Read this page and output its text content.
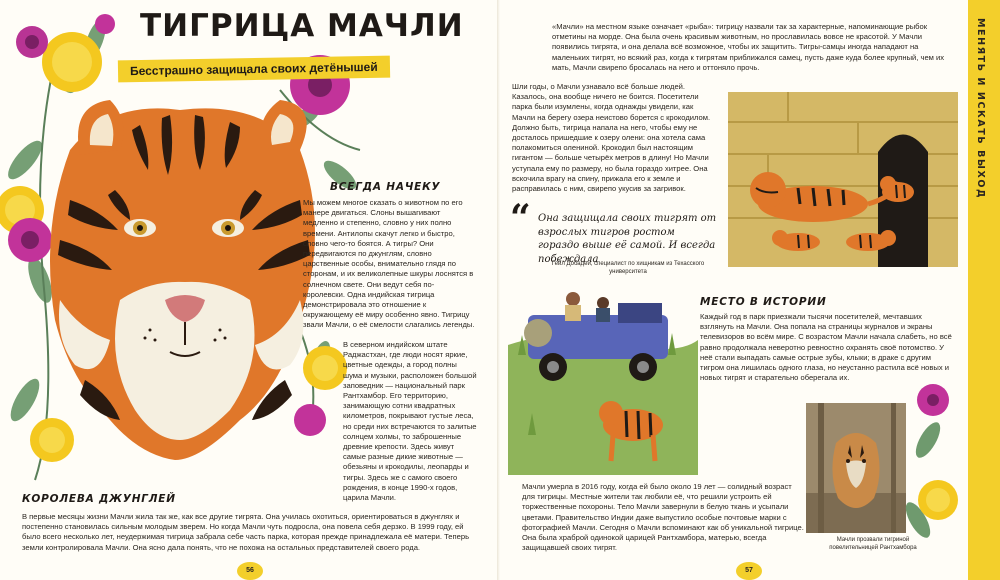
ТИГРИЦА МАЧЛИ
Бесстрашно защищала своих детёнышей
ВСЕГДА НАЧЕКУ
Мы можем многое сказать о животном по его манере двигаться. Слоны вышагивают медленно и степенно, словно у них полно времени. Антилопы скачут легко и быстро, словно чего-то боятся. А тигры? Они передвигаются по джунглям, словно царственные особы, внимательно глядя по сторонам, и их великолепные шкуры лоснятся в солнечном свете. Они ведут себя по-королевски. Одна индийская тигрица демонстрировала это отношение к окружающему её миру особенно явно. Тигрицу звали Мачли, о её смелости слагались легенды.
В северном индийском штате Раджастхан, где люди носят яркие, цветные одежды, а город полны шума и музыки, расположен большой заповедник — национальный парк Рантхамбор. Его территорию, занимающую сотни квадратных километров, покрывают густые леса, но среди них встречаются то залитые солнцем холмы, то заброшенные древние крепости. Здесь живут самые разные дикие животные — обезьяны и крокодилы, леопарды и тигры. Здесь же с самого своего рождения, в конце 1990-х годов, царила Мачли.
КОРОЛЕВА ДЖУНГЛЕЙ
В первые месяцы жизни Мачли жила так же, как все другие тигрята. Она училась охотиться, ориентироваться в джунглях и постепенно становилась сильным молодым зверем. Но когда Мачли чуть подросла, она повела себя дерзко. В 1999 году, ей было всего несколько лет, неудержимая тигрица забрала себе часть парка, которая прежде принадлежала её матери. Теперь земли контролировала Мачли. Она ясно дала понять, что не похожа на остальных представителей своего рода.
56
«Мачли» на местном языке означает «рыба»: тигрицу назвали так за характерные, напоминающие рыбок отметины на морде. Она была очень красивым животным, но прославилась вовсе не красотой. У Мачли появились тигрята, и она делала всё возможное, чтобы их защитить. Тигры-самцы иногда нападают на маленьких тигрят, но всякий раз, когда к тигрятам приближался самец, пусть даже куда более крупный, чем их мать, Мачли свирепо бросалась на него и оттоняло прочь.
Шли годы, о Мачли узнавало всё больше людей. Казалось, она вообще ничего не боится. Посетители парка были изумлены, когда однажды увидели, как Мачли на берегу озера неистово борется с крокодилом. Должно быть, тигрица напала на него, чтобы ему не досталось пришедшие к озеру олени: она хотела сама полакомиться олениной. Крокодил был настоящим гигантом — больше четырёх метров в длину! Но Мачли уступала ему по размеру, но была гораздо хитрее. Она вскочила врагу на спину, прижала его к земле и расправилась с ним, свирепо укусив за загривок.
“ Она защищала своих тигрят от взрослых тигров ростом гораздо выше её самой. И всегда побеждала
Гейл Добадей, специалист по хищникам из Техасского университета
МЕСТО В ИСТОРИИ
Каждый год в парк приезжали тысячи посетителей, мечтавших взглянуть на Мачли. Она попала на страницы журналов и экраны телевизоров во всём мире. С возрастом Мачли начала слабеть, но всё равно продолжала неверотно ревностно охранять своё потомство. У неё стали выпадать самые острые зубы, клыки; в драке с другим тигром она лишилась одного глаза, но неустанно растила всё новых и новых тигрят и старательно оберегала их.
Мачли прозвали тигриной повелительницей Рантхамбора
Мачли умерла в 2016 году, когда ей было около 19 лет — солидный возраст для тигрицы. Местные жители так любили её, что решили устроить ей торжественные похороны. Тело Мачли завернули в белую ткань и усыпали цветами. Правительство Индии даже выпустило особые почтовые марки с фотографией Мачли. Сегодня о Мачли вспоминают как об уникальной тигрице. Она была храброй одинокой царицей Рантхамбора, матерью, всегда защищавшей своих тигрят.
57
МЕНЯТЬ И ИСКАТЬ ВЫХОД
